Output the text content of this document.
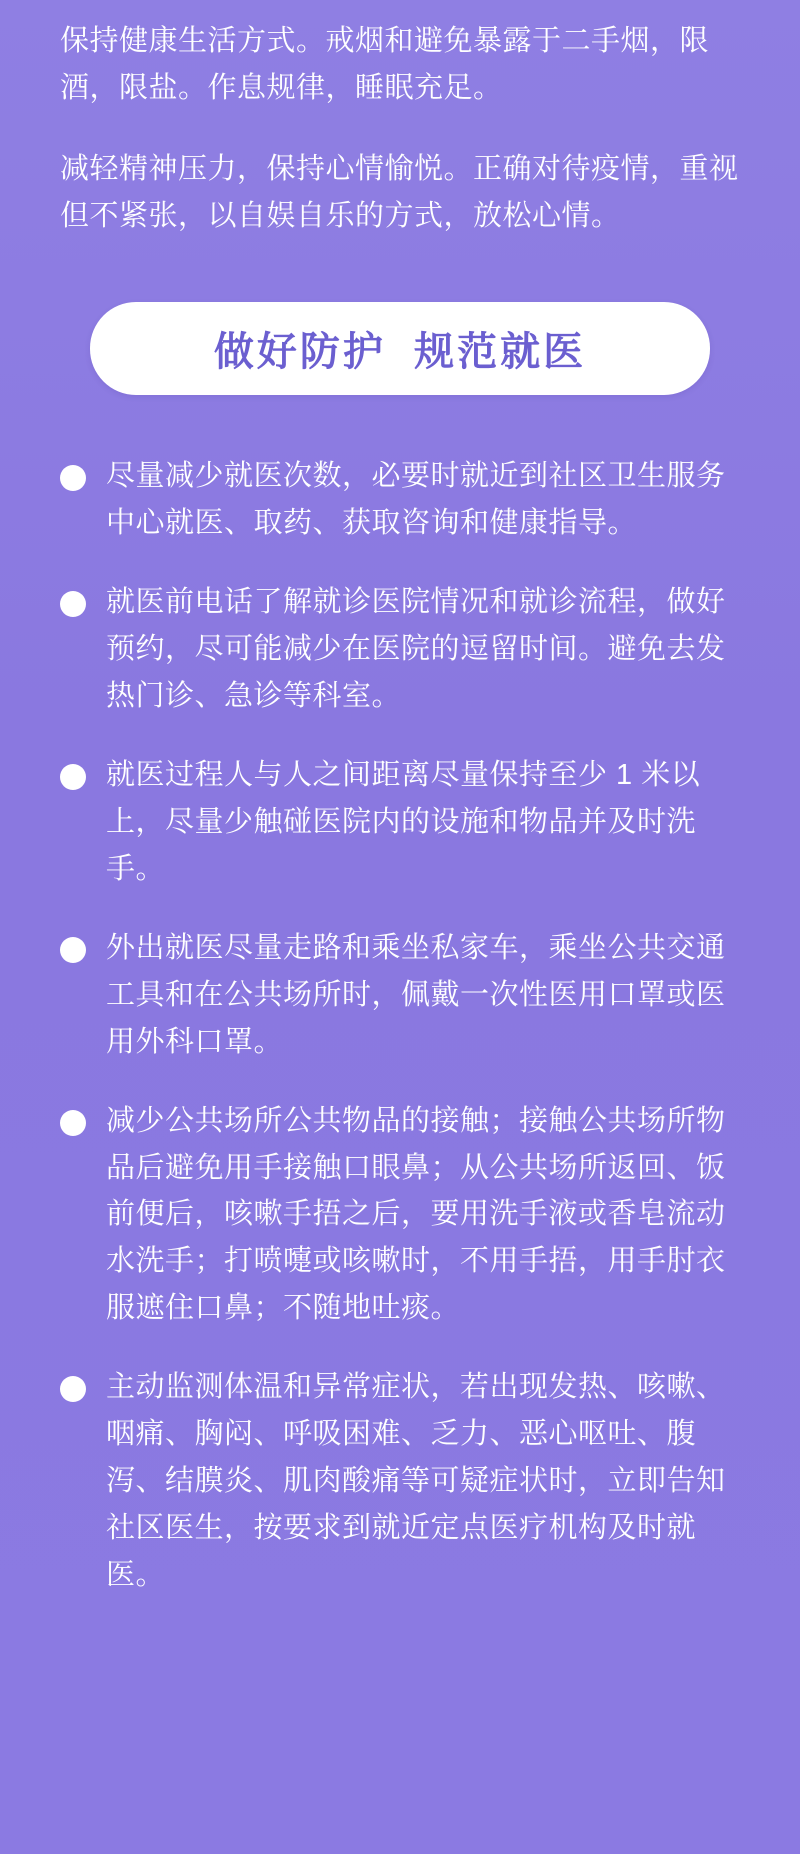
保持健康生活方式。戒烟和避免暴露于二手烟，限酒，限盐。作息规律，睡眠充足。

减轻精神压力，保持心情愉悦。正确对待疫情，重视但不紧张，以自娱自乐的方式，放松心情。

做好防护  规范就医
尽量减少就医次数，必要时就近到社区卫生服务中心就医、取药、获取咨询和健康指导。
就医前电话了解就诊医院情况和就诊流程，做好预约，尽可能减少在医院的逗留时间。避免去发热门诊、急诊等科室。
就医过程人与人之间距离尽量保持至少 1 米以上，尽量少触碰医院内的设施和物品并及时洗手。
外出就医尽量走路和乘坐私家车，乘坐公共交通工具和在公共场所时，佩戴一次性医用口罩或医用外科口罩。
减少公共场所公共物品的接触；接触公共场所物品后避免用手接触口眼鼻；从公共场所返回、饭前便后，咳嗽手捂之后，要用洗手液或香皂流动水洗手；打喷嚏或咳嗽时，不用手捂，用手肘衣服遮住口鼻；不随地吐痰。
主动监测体温和异常症状，若出现发热、咳嗽、咽痛、胸闷、呼吸困难、乏力、恶心呕吐、腹泻、结膜炎、肌肉酸痛等可疑症状时，立即告知社区医生，按要求到就近定点医疗机构及时就医。
